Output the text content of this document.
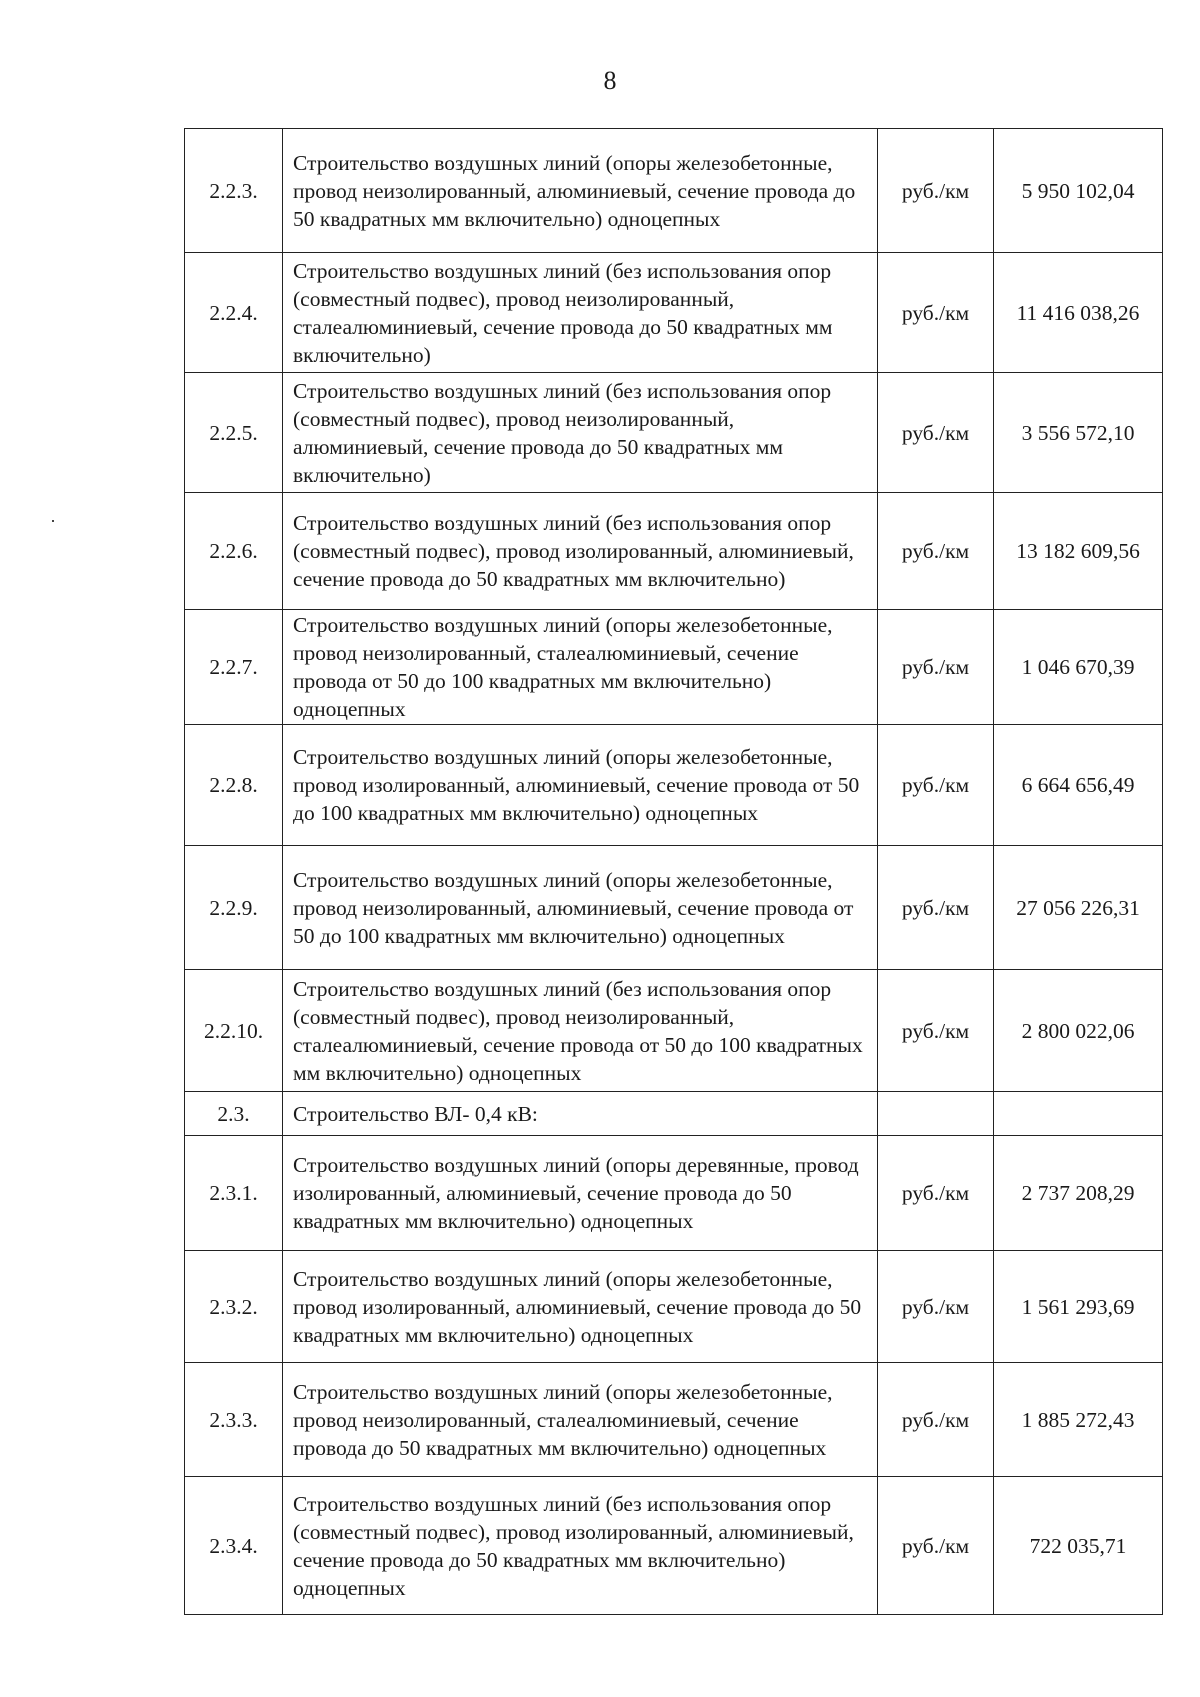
8
2.2.3.	Строительство воздушных линий (опоры железобетонные, провод неизолированный, алюминиевый, сечение провода до 50 квадратных мм включительно) одноцепных	руб./км	5 950 102,04
2.2.4.	Строительство воздушных линий (без использования опор (совместный подвес), провод неизолированный, сталеалюминиевый, сечение провода до 50 квадратных мм включительно)	руб./км	11 416 038,26
2.2.5.	Строительство воздушных линий (без использования опор (совместный подвес), провод неизолированный, алюминиевый, сечение провода до 50 квадратных мм включительно)	руб./км	3 556 572,10
2.2.6.	Строительство воздушных линий (без использования опор (совместный подвес), провод изолированный, алюминиевый, сечение провода до 50 квадратных мм включительно)	руб./км	13 182 609,56
2.2.7.	Строительство воздушных линий (опоры железобетонные, провод неизолированный, сталеалюминиевый, сечение провода от 50 до 100 квадратных мм включительно) одноцепных	руб./км	1 046 670,39
2.2.8.	Строительство воздушных линий (опоры железобетонные, провод изолированный, алюминиевый, сечение провода от 50 до 100 квадратных мм включительно) одноцепных	руб./км	6 664 656,49
2.2.9.	Строительство воздушных линий (опоры железобетонные, провод неизолированный, алюминиевый, сечение провода от 50 до 100 квадратных мм включительно) одноцепных	руб./км	27 056 226,31
2.2.10.	Строительство воздушных линий (без использования опор (совместный подвес), провод неизолированный, сталеалюминиевый, сечение провода от 50 до 100 квадратных мм включительно) одноцепных	руб./км	2 800 022,06
2.3.	Строительство ВЛ- 0,4 кВ:		
2.3.1.	Строительство воздушных линий (опоры деревянные, провод изолированный, алюминиевый, сечение провода до 50 квадратных мм включительно) одноцепных	руб./км	2 737 208,29
2.3.2.	Строительство воздушных линий (опоры железобетонные, провод изолированный, алюминиевый, сечение провода до 50 квадратных мм включительно) одноцепных	руб./км	1 561 293,69
2.3.3.	Строительство воздушных линий (опоры железобетонные, провод неизолированный, сталеалюминиевый, сечение провода до 50 квадратных мм включительно) одноцепных	руб./км	1 885 272,43
2.3.4.	Строительство воздушных линий (без использования опор (совместный подвес), провод изолированный, алюминиевый, сечение провода до 50 квадратных мм включительно) одноцепных	руб./км	722 035,71
